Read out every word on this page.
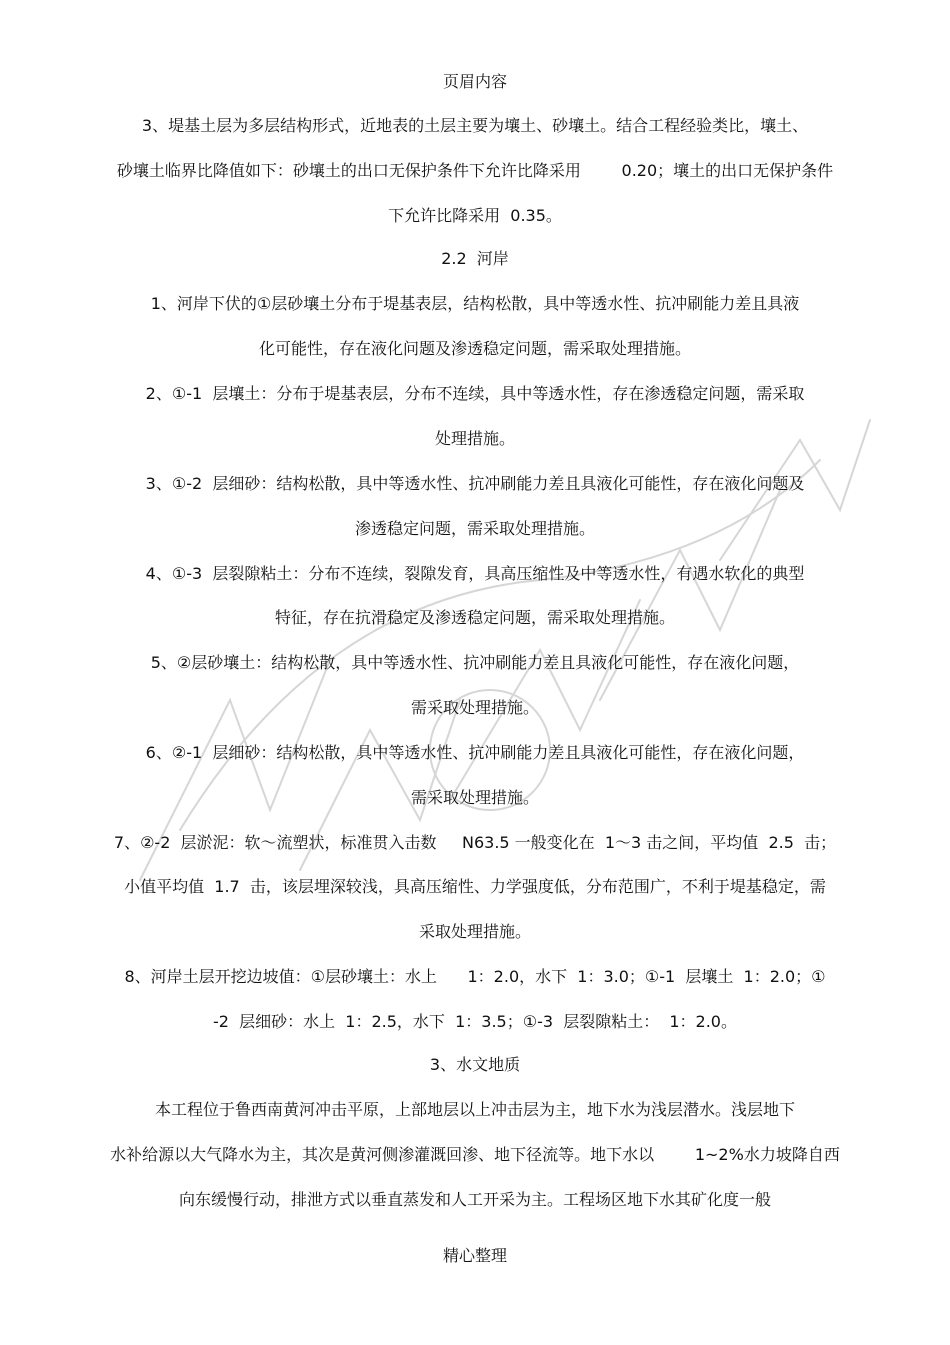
页眉内容
3、堤基土层为多层结构形式，近地表的土层主要为壤土、砂壤土。结合工程经验类比，壤土、
砂壤土临界比降值如下：砂壤土的出口无保护条件下允许比降采用        0.20；壤土的出口无保护条件
下允许比降采用  0.35。
2.2  河岸
1、河岸下伏的①层砂壤土分布于堤基表层，结构松散，具中等透水性、抗冲刷能力差且具液
化可能性，存在液化问题及渗透稳定问题，需采取处理措施。
2、①-1  层壤土：分布于堤基表层，分布不连续，具中等透水性，存在渗透稳定问题，需采取
处理措施。
3、①-2  层细砂：结构松散，具中等透水性、抗冲刷能力差且具液化可能性，存在液化问题及
渗透稳定问题，需采取处理措施。
4、①-3  层裂隙粘土：分布不连续，裂隙发育，具高压缩性及中等透水性，有遇水软化的典型
特征，存在抗滑稳定及渗透稳定问题，需采取处理措施。
5、②层砂壤土：结构松散，具中等透水性、抗冲刷能力差且具液化可能性，存在液化问题，
需采取处理措施。
6、②-1  层细砂：结构松散，具中等透水性、抗冲刷能力差且具液化可能性，存在液化问题，
需采取处理措施。
7、②-2  层淤泥：软～流塑状，标准贯入击数     N63.5 一般变化在  1～3 击之间，平均值  2.5  击；
小值平均值  1.7  击，该层埋深较浅，具高压缩性、力学强度低，分布范围广，不利于堤基稳定，需
采取处理措施。
8、河岸土层开挖边坡值：①层砂壤土：水上      1：2.0，水下  1：3.0；①-1  层壤土  1：2.0；①
-2  层细砂：水上  1：2.5，水下  1：3.5；①-3  层裂隙粘土：  1：2.0。
3、水文地质
本工程位于鲁西南黄河冲击平原，上部地层以上冲击层为主，地下水为浅层潜水。浅层地下
水补给源以大气降水为主，其次是黄河侧渗灌溉回渗、地下径流等。地下水以        1~2%水力坡降自西
向东缓慢行动，排泄方式以垂直蒸发和人工开采为主。工程场区地下水其矿化度一般
精心整理
